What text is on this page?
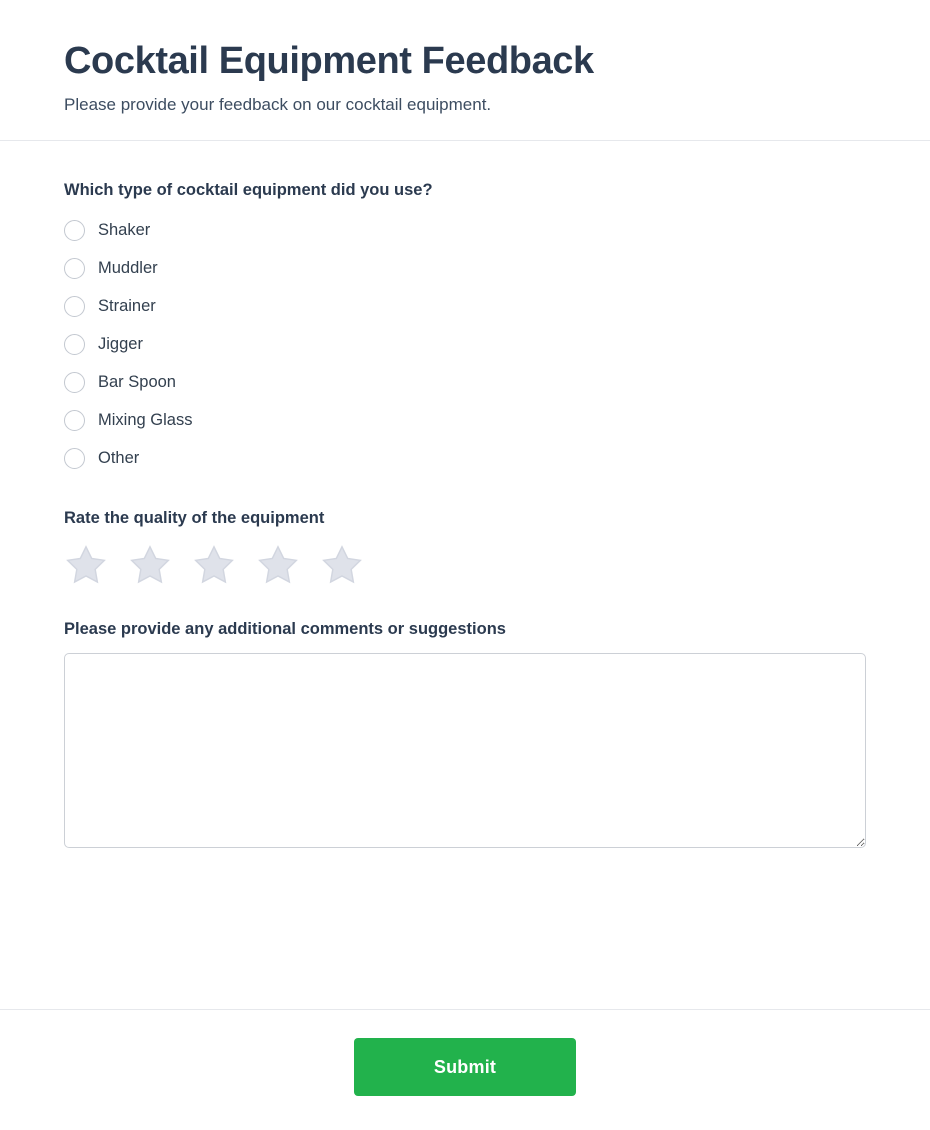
Cocktail Equipment Feedback

Please provide your feedback on our cocktail equipment.

Which type of cocktail equipment did you use?
Shaker
Muddler
Strainer
Jigger
Bar Spoon
Mixing Glass
Other
Rate the quality of the equipment
Please provide any additional comments or suggestions
Submit
